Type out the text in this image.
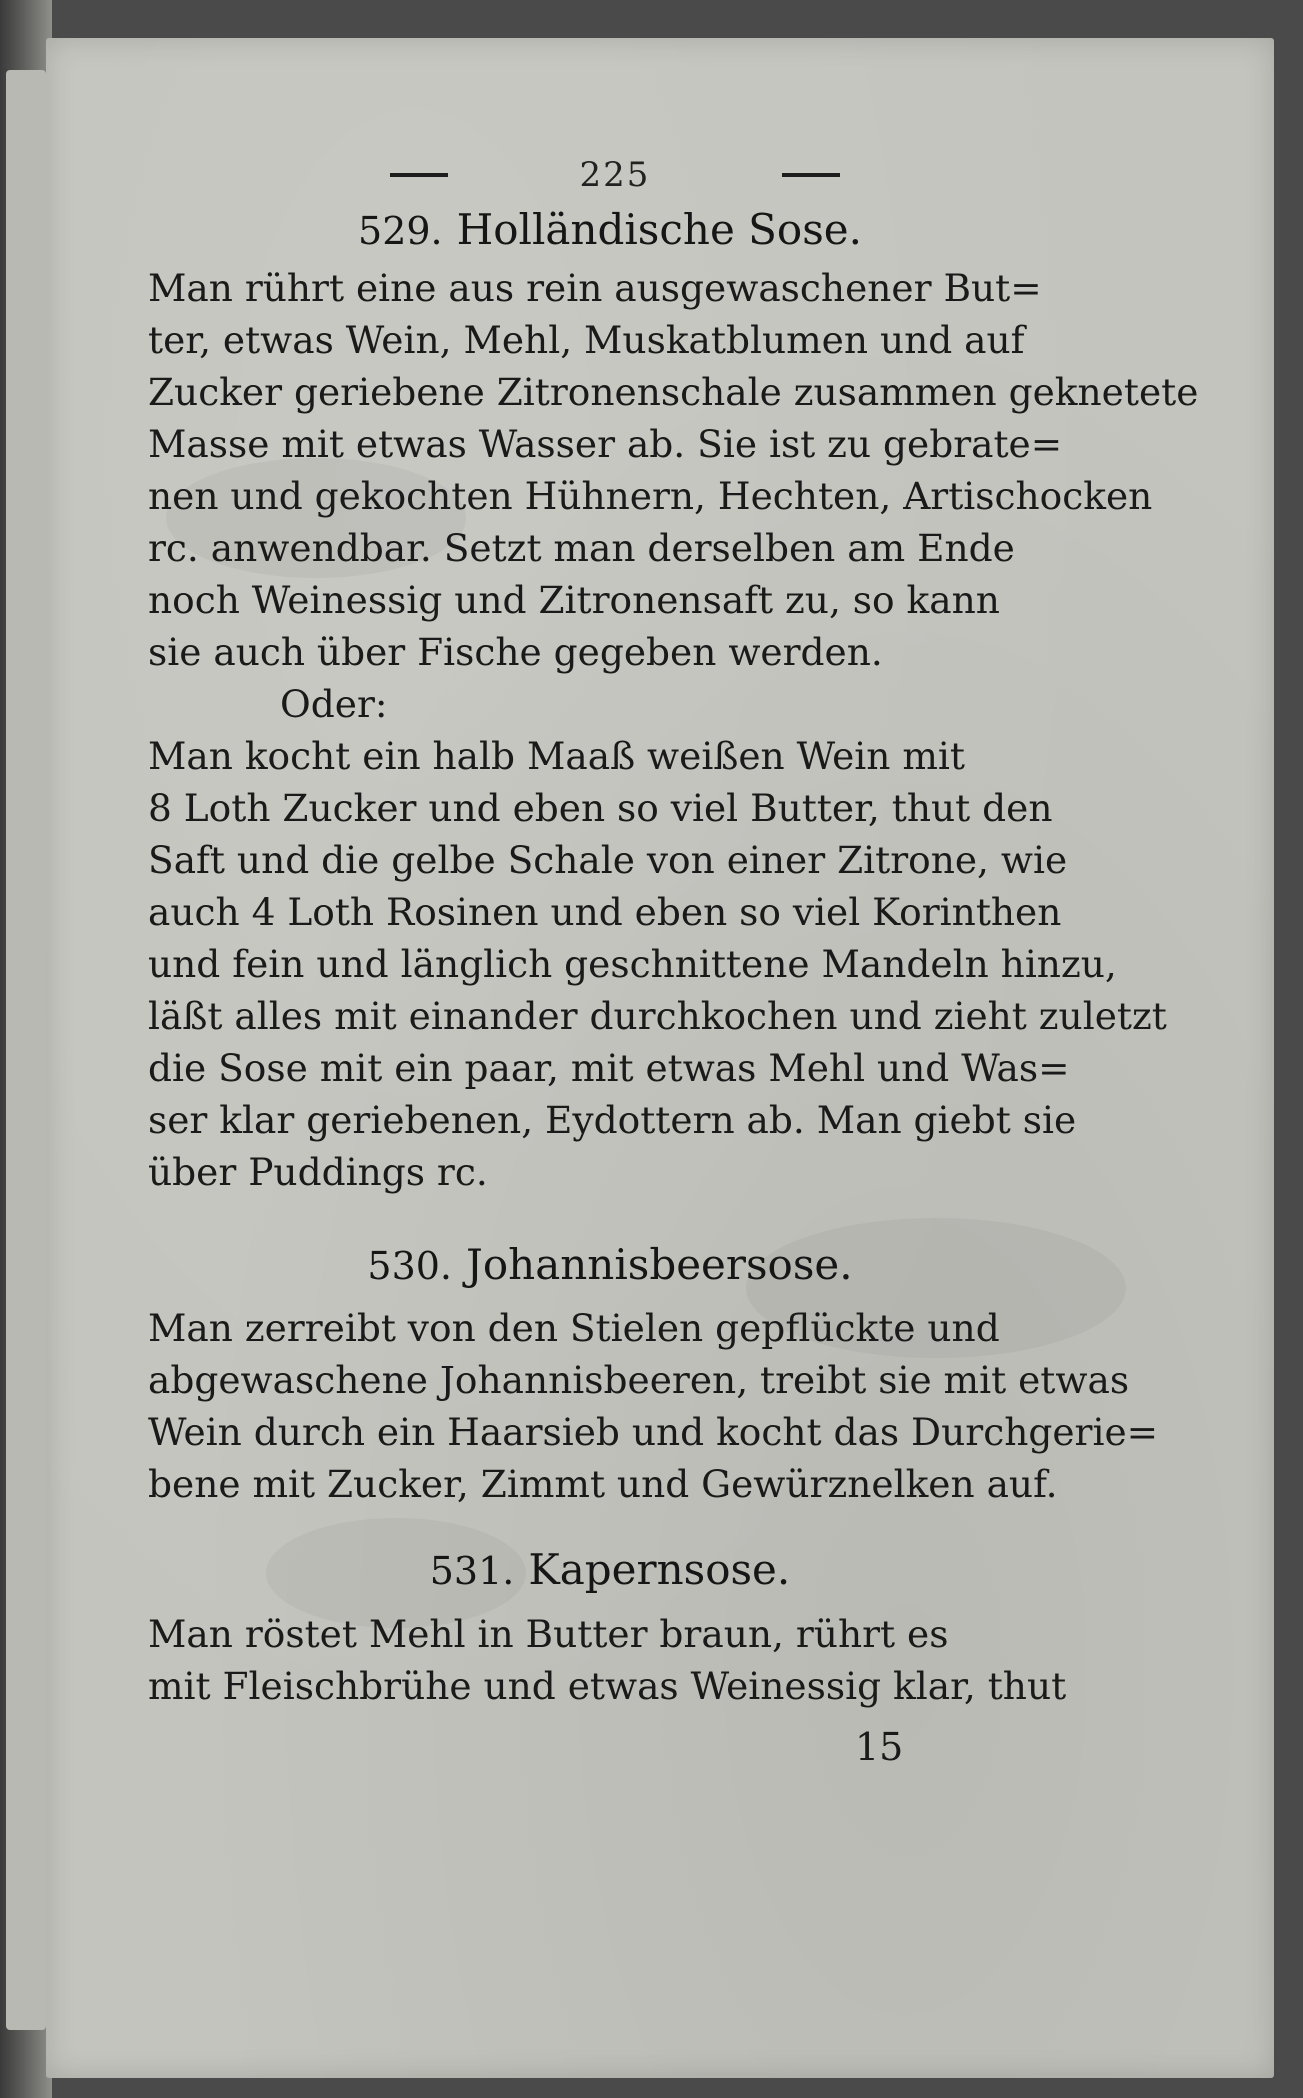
225
529. Holländische Sose.
Man rührt eine aus rein ausgewaschener But=
ter, etwas Wein, Mehl, Muskatblumen und auf
Zucker geriebene Zitronenschale zusammen geknetete
Masse mit etwas Wasser ab. Sie ist zu gebrate=
nen und gekochten Hühnern, Hechten, Artischocken
rc. anwendbar. Setzt man derselben am Ende
noch Weinessig und Zitronensaft zu, so kann
sie auch über Fische gegeben werden.
Oder:
Man kocht ein halb Maaß weißen Wein mit
8 Loth Zucker und eben so viel Butter, thut den
Saft und die gelbe Schale von einer Zitrone, wie
auch 4 Loth Rosinen und eben so viel Korinthen
und fein und länglich geschnittene Mandeln hinzu,
läßt alles mit einander durchkochen und zieht zuletzt
die Sose mit ein paar, mit etwas Mehl und Was=
ser klar geriebenen, Eydottern ab. Man giebt sie
über Puddings rc.
530. Johannisbeersose.
Man zerreibt von den Stielen gepflückte und
abgewaschene Johannisbeeren, treibt sie mit etwas
Wein durch ein Haarsieb und kocht das Durchgerie=
bene mit Zucker, Zimmt und Gewürznelken auf.
531. Kapernsose.
Man röstet Mehl in Butter braun, rührt es
mit Fleischbrühe und etwas Weinessig klar, thut
15
